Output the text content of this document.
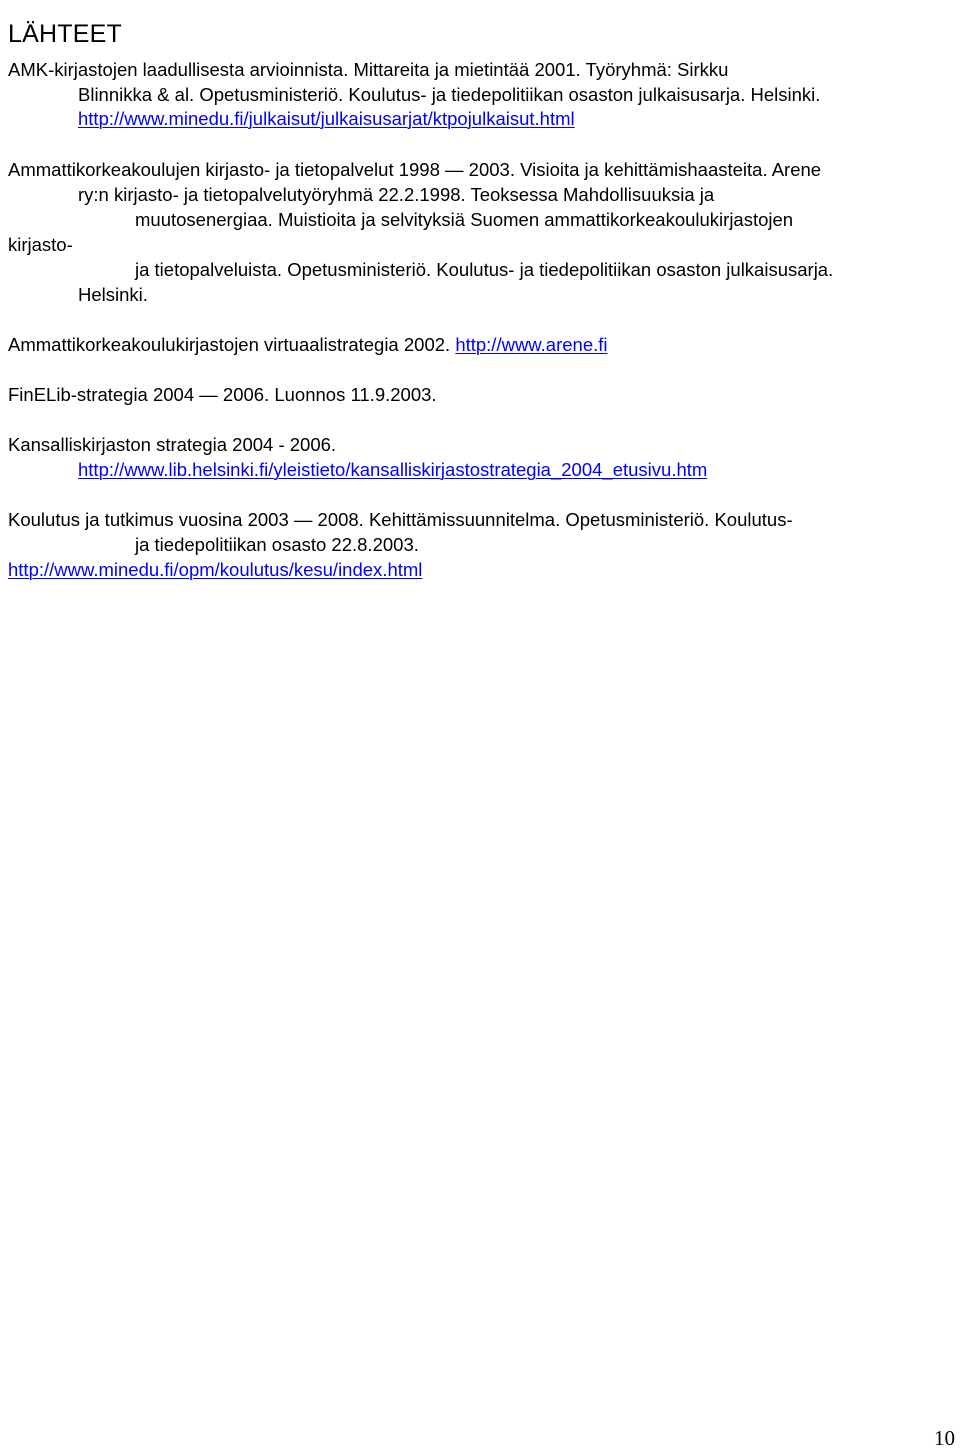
LÄHTEET
AMK-kirjastojen laadullisesta arvioinnista. Mittareita ja mietintää 2001. Työryhmä: Sirkku
Blinnikka & al. Opetusministeriö. Koulutus- ja tiedepolitiikan osaston julkaisusarja. Helsinki.
http://www.minedu.fi/julkaisut/julkaisusarjat/ktpojulkaisut.html
Ammattikorkeakoulujen kirjasto- ja tietopalvelut 1998 — 2003. Visioita ja kehittämishaasteita. Arene
ry:n kirjasto- ja tietopalvelutyöryhmä 22.2.1998. Teoksessa Mahdollisuuksia ja
muutosenergiaa. Muistioita ja selvityksiä Suomen ammattikorkeakoulukirjastojen
kirjasto-
ja tietopalveluista. Opetusministeriö. Koulutus- ja tiedepolitiikan osaston julkaisusarja.
Helsinki.
Ammattikorkeakoulukirjastojen virtuaalistrategia 2002. http://www.arene.fi
FinELib-strategia 2004 — 2006. Luonnos 11.9.2003.
Kansalliskirjaston strategia 2004 - 2006.
http://www.lib.helsinki.fi/yleistieto/kansalliskirjastostrategia_2004_etusivu.htm
Koulutus ja tutkimus vuosina 2003 — 2008. Kehittämissuunnitelma. Opetusministeriö. Koulutus-
ja tiedepolitiikan osasto 22.8.2003.
http://www.minedu.fi/opm/koulutus/kesu/index.html
10
